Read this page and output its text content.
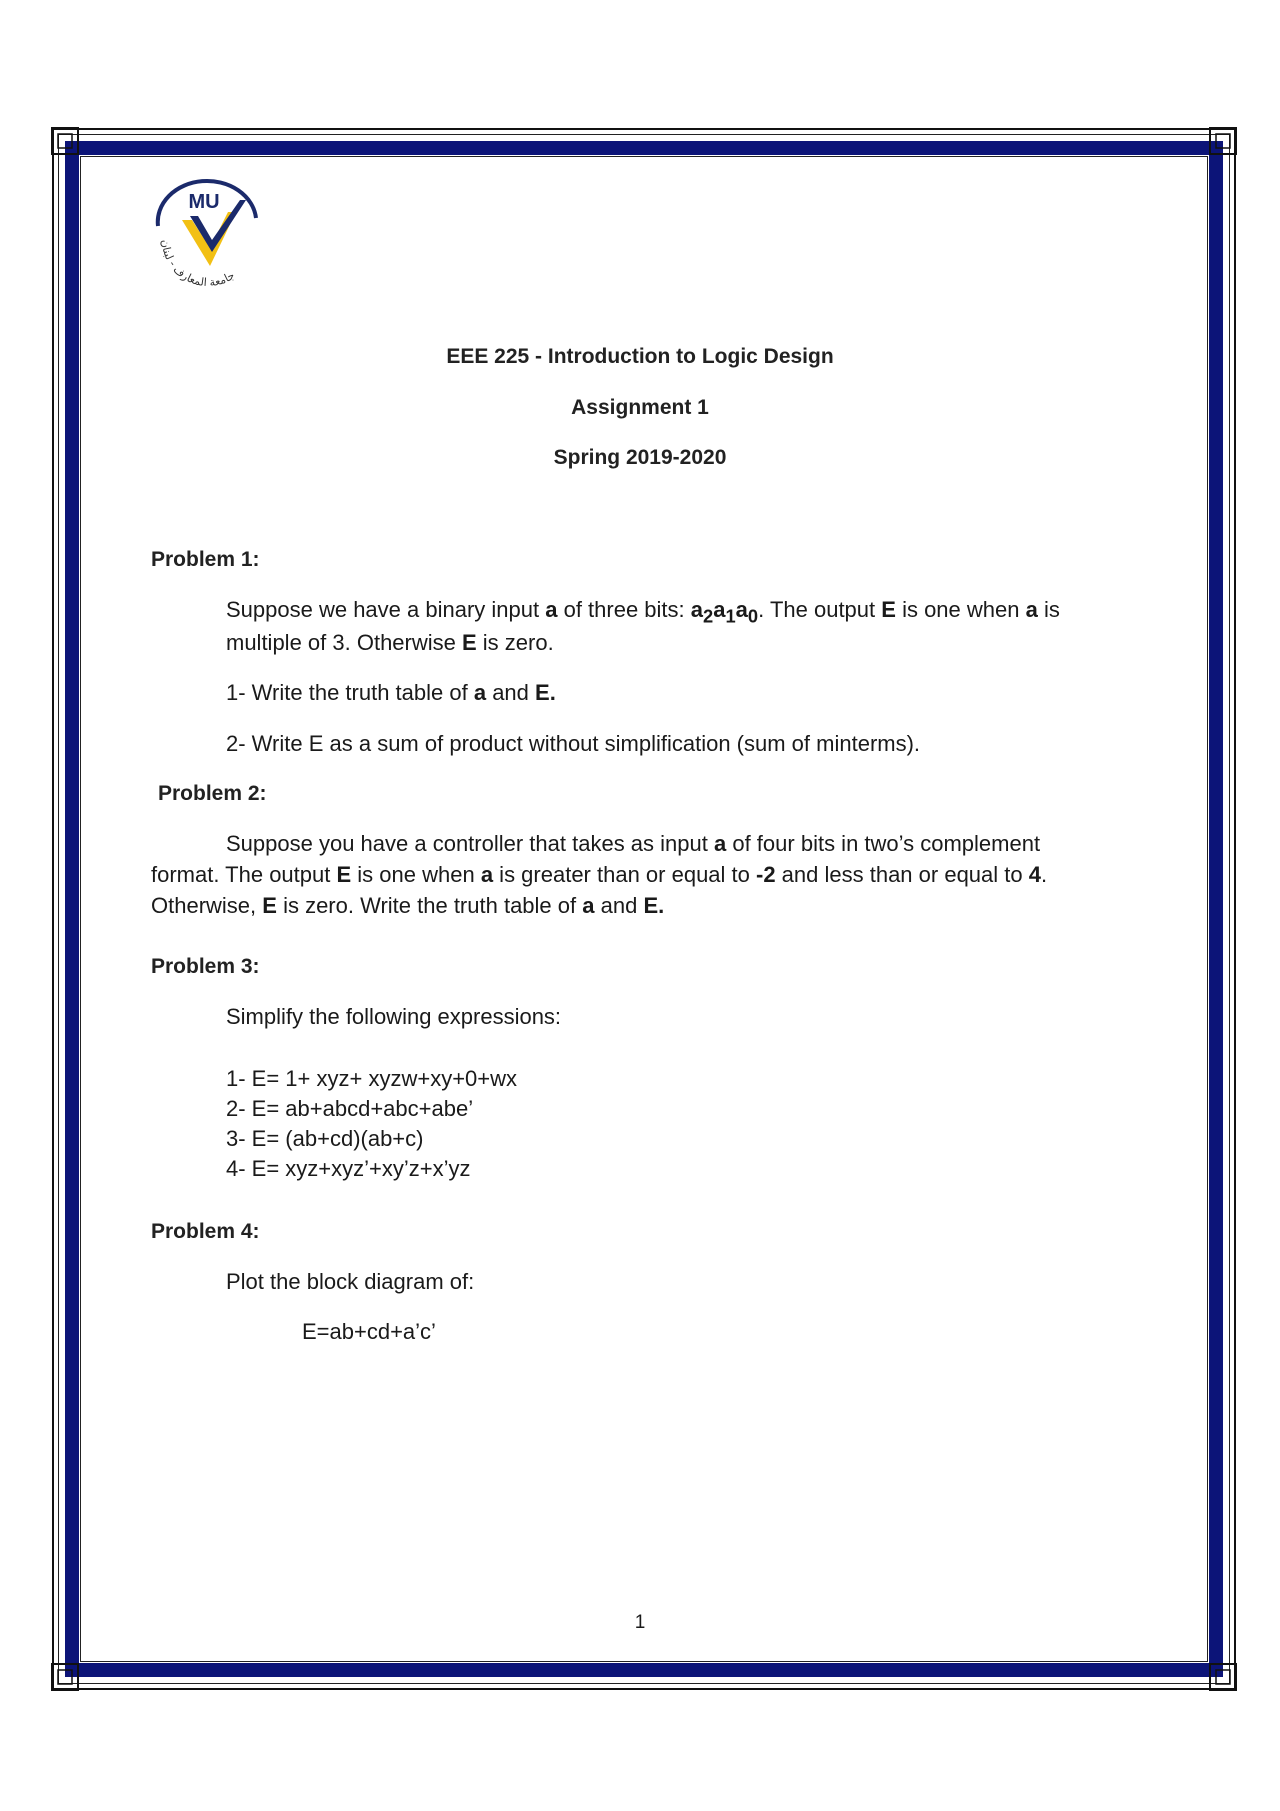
MU
جامعة المعارف - لبنان
EEE 225 - Introduction to Logic Design
Assignment 1
Spring 2019-2020
Problem 1:
Suppose we have a binary input a of three bits: $a_2a_1a_0$. The output E is one when a is
multiple of 3. Otherwise E is zero.
1- Write the truth table of a and E.
2- Write E as a sum of product without simplification (sum of minterms).
Problem 2:
Suppose you have a controller that takes as input a of four bits in two’s complement
format. The output E is one when a is greater than or equal to -2 and less than or equal to 4.
Otherwise, E is zero. Write the truth table of a and E.
Problem 3:
Simplify the following expressions:
1- E= 1+ xyz+ xyzw+xy+0+wx
2- E= ab+abcd+abc+abe’
3- E= (ab+cd)(ab+c)
4- E= xyz+xyz’+xy’z+x’yz
Problem 4:
Plot the block diagram of:
E=ab+cd+a’c’
1
